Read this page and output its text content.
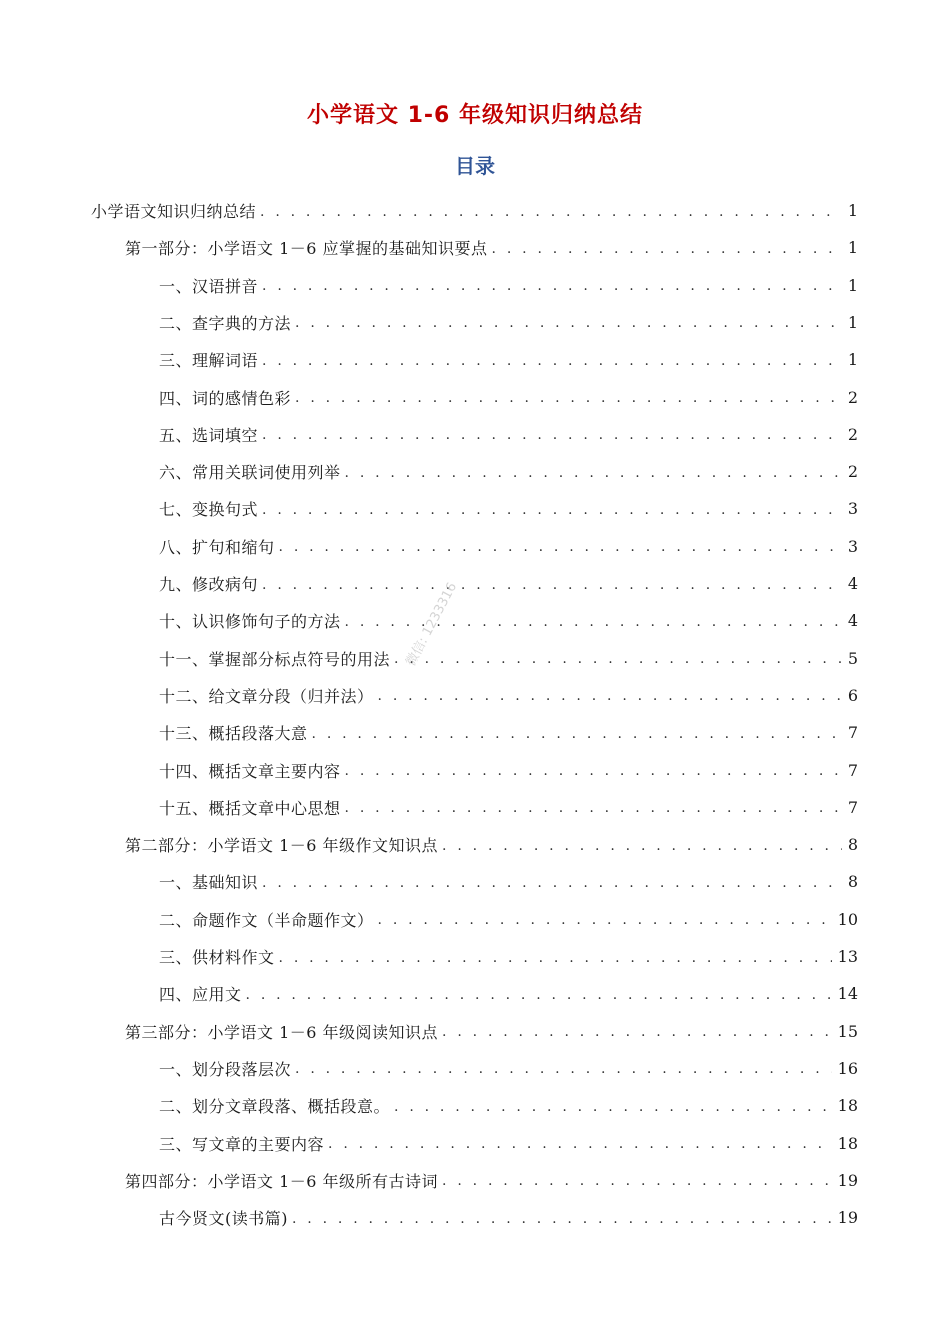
小学语文 1-6 年级知识归纳总结
目录
小学语文知识归纳总结 . . .	1
第一部分：小学语文 1－6 应掌握的基础知识要点 . . .	1
一、汉语拼音 . . .	1
二、查字典的方法 . . .	1
三、理解词语 . . .	1
四、词的感情色彩 . . .	2
五、选词填空 . . .	2
六、常用关联词使用列举 . . .	2
七、变换句式 . . .	3
八、扩句和缩句 . . .	3
九、修改病句 . . .	4
十、认识修饰句子的方法 . . .	4
十一、掌握部分标点符号的用法 . . .	5
十二、给文章分段（归并法） . . .	6
十三、概括段落大意 . . .	7
十四、概括文章主要内容 . . .	7
十五、概括文章中心思想 . . .	7
第二部分：小学语文 1－6 年级作文知识点 . . .	8
一、基础知识 . . .	8
二、命题作文（半命题作文） . . .	10
三、供材料作文 . . .	13
四、应用文 . . .	14
第三部分：小学语文 1－6 年级阅读知识点 . . .	15
一、划分段落层次 . . .	16
二、划分文章段落、概括段意。 . . .	18
三、写文章的主要内容 . . .	18
第四部分：小学语文 1－6 年级所有古诗词 . . .	19
古今贤文(读书篇) . . .	19
微信: 1233316
